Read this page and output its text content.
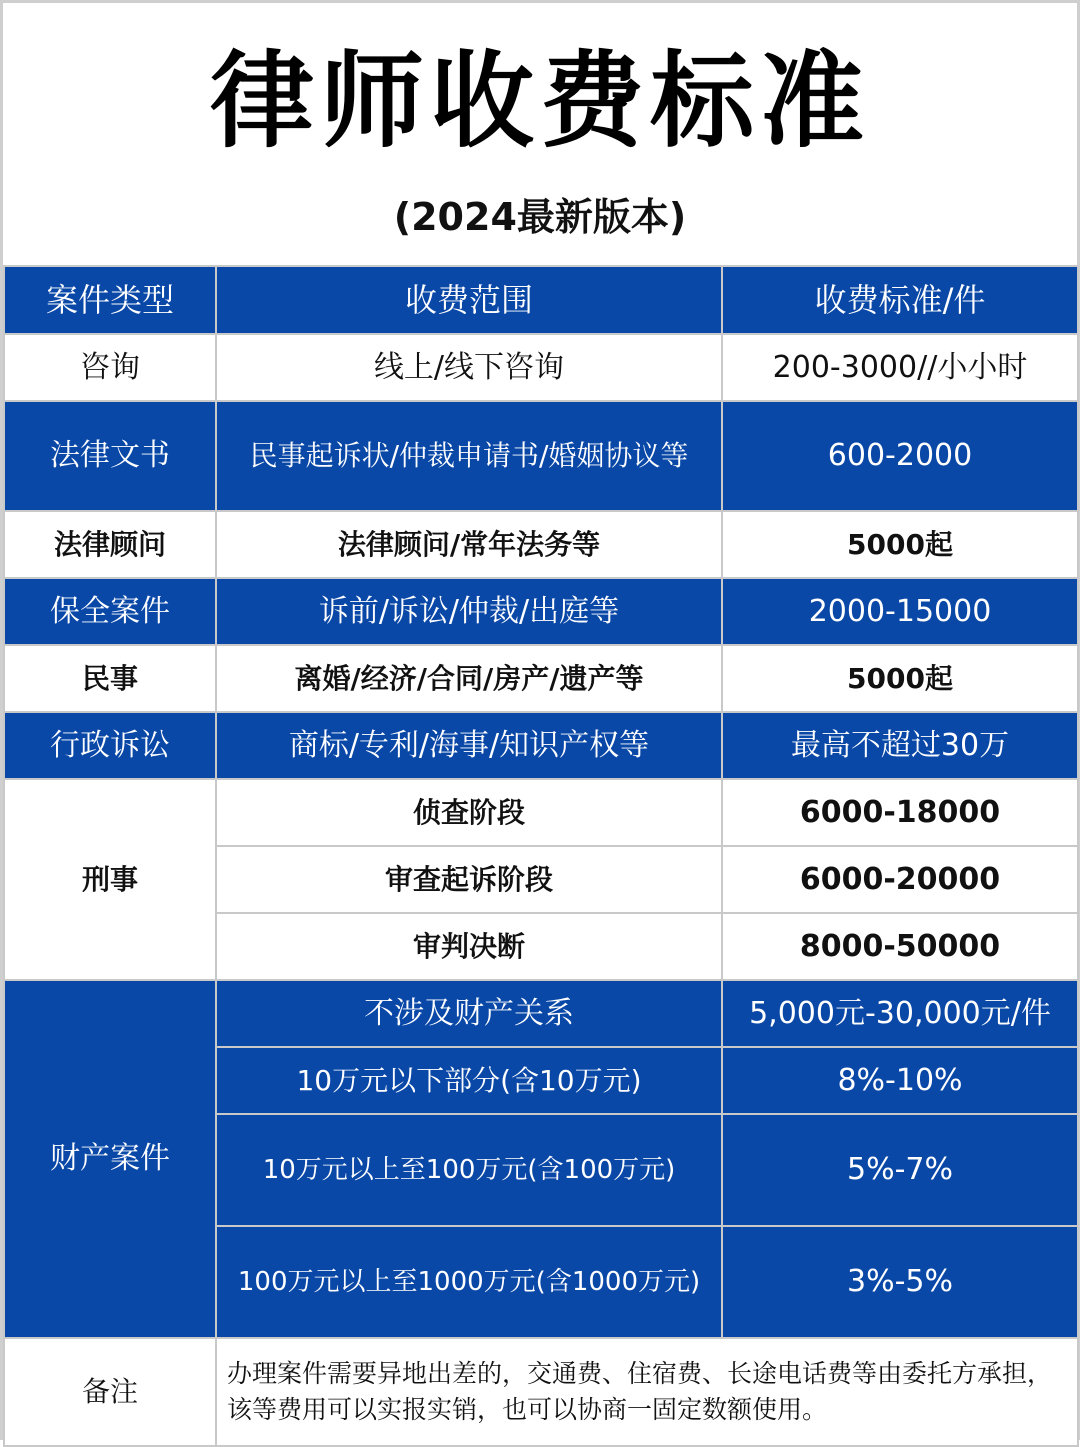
律师收费标准
(2024最新版本)
案件类型	收费范围	收费标准/件
咨询	线上/线下咨询	200-3000//小小时
法律文书	民事起诉状/仲裁申请书/婚姻协议等	600-2000
法律顾问	法律顾问/常年法务等	5000起
保全案件	诉前/诉讼/仲裁/出庭等	2000-15000
民事	离婚/经济/合同/房产/遗产等	5000起
行政诉讼	商标/专利/海事/知识产权等	最高不超过30万
刑事	侦查阶段	6000-18000
	审查起诉阶段	6000-20000
	审判决断	8000-50000
财产案件	不涉及财产关系	5,000元-30,000元/件
	10万元以下部分(含10万元)	8%-10%
	10万元以上至100万元(含100万元)	5%-7%
	100万元以上至1000万元(含1000万元)	3%-5%
备注	办理案件需要异地出差的，交通费、住宿费、长途电话费等由委托方承担，该等费用可以实报实销，也可以协商一固定数额使用。	
